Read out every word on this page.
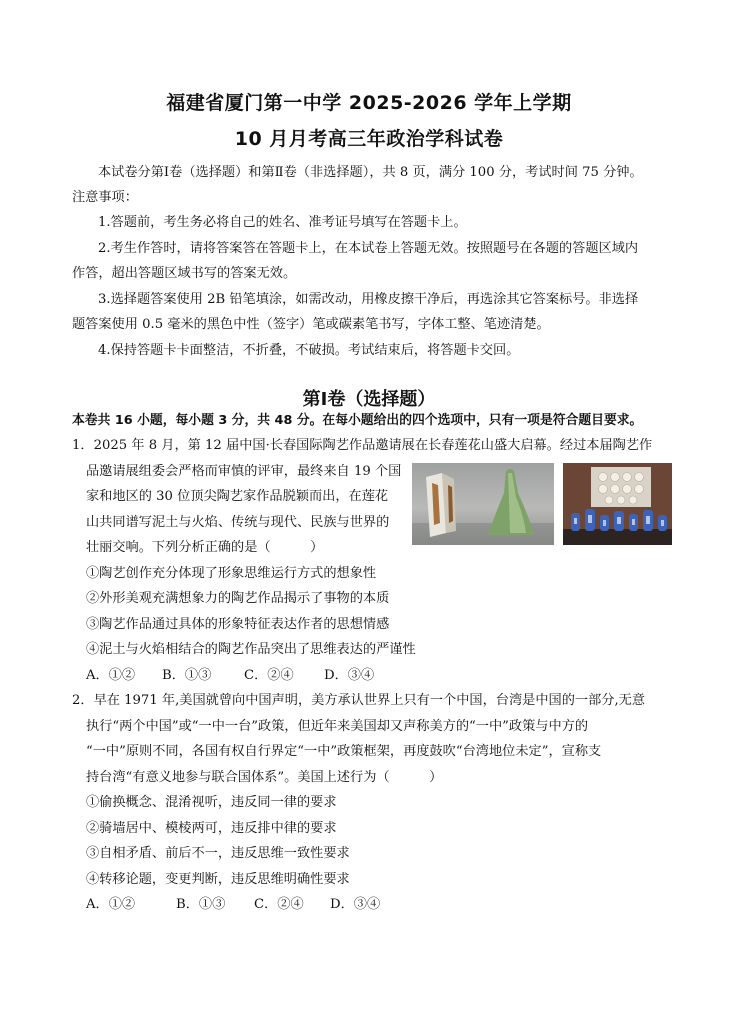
福建省厦门第一中学 2025-2026 学年上学期
10 月月考高三年政治学科试卷
本试卷分第Ⅰ卷（选择题）和第Ⅱ卷（非选择题），共 8 页，满分 100 分，考试时间 75 分钟。
注意事项：
1.答题前，考生务必将自己的姓名、准考证号填写在答题卡上。
2.考生作答时，请将答案答在答题卡上，在本试卷上答题无效。按照题号在各题的答题区域内
作答，超出答题区域书写的答案无效。
3.选择题答案使用 2B 铅笔填涂，如需改动，用橡皮擦干净后，再选涂其它答案标号。非选择
题答案使用 0.5 毫米的黑色中性（签字）笔或碳素笔书写，字体工整、笔迹清楚。
4.保持答题卡卡面整洁，不折叠，不破损。考试结束后，将答题卡交回。
第Ⅰ卷（选择题）
本卷共 16 小题，每小题 3 分，共 48 分。在每小题给出的四个选项中，只有一项是符合题目要求。
1．2025 年 8 月，第 12 届中国·长春国际陶艺作品邀请展在长春莲花山盛大启幕。经过本届陶艺作
品邀请展组委会严格而审慎的评审，最终来自 19 个国
家和地区的 30 位顶尖陶艺家作品脱颖而出，在莲花
山共同谱写泥土与火焰、传统与现代、民族与世界的
壮丽交响。下列分析正确的是（　　　）
①陶艺创作充分体现了形象思维运行方式的想象性
②外形美观充满想象力的陶艺作品揭示了事物的本质
③陶艺作品通过具体的形象特征表达作者的思想情感
④泥土与火焰相结合的陶艺作品突出了思维表达的严谨性
A．①② B．①③ C．②④ D．③④
2．早在 1971 年,美国就曾向中国声明，美方承认世界上只有一个中国，台湾是中国的一部分,无意
执行“两个中国”或“一中一台”政策，但近年来美国却又声称美方的“一中”政策与中方的
“一中”原则不同，各国有权自行界定“一中”政策框架，再度鼓吹“台湾地位未定”，宣称支
持台湾“有意义地参与联合国体系”。美国上述行为（　　　）
①偷换概念、混淆视听，违反同一律的要求
②骑墙居中、模棱两可，违反排中律的要求
③自相矛盾、前后不一，违反思维一致性要求
④转移论题，变更判断，违反思维明确性要求
A．①②	B．①③ C．②④ D．③④
